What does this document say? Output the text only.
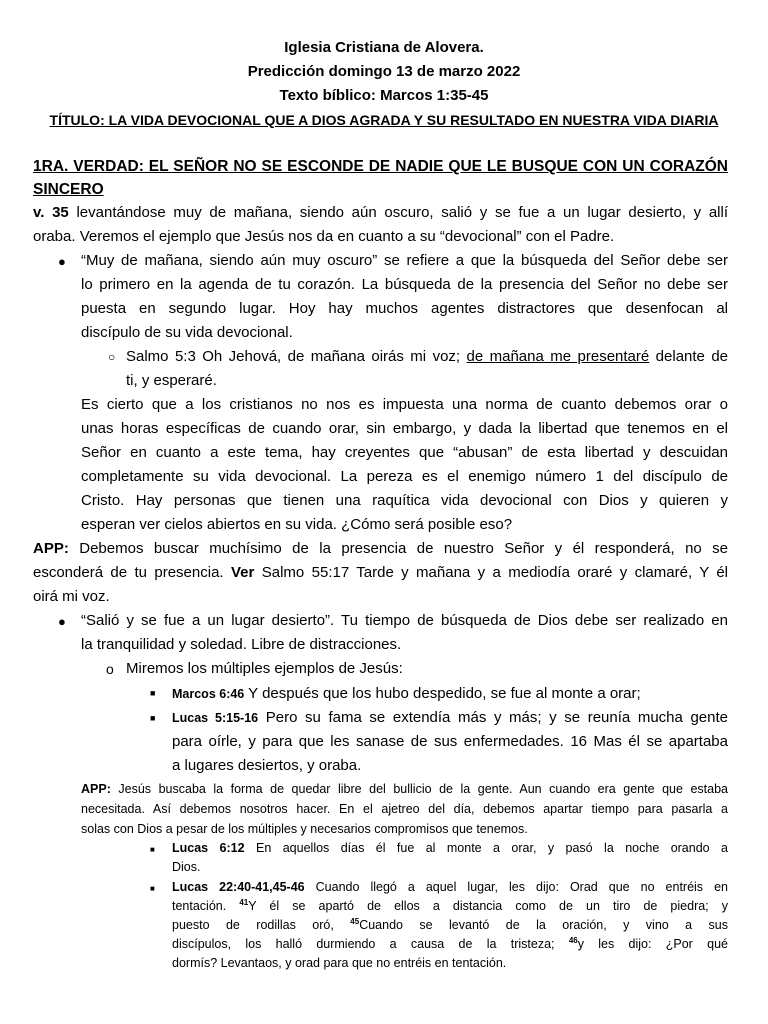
Iglesia Cristiana de Alovera.
Predicción domingo 13 de marzo 2022
Texto bíblico: Marcos 1:35-45
TÍTULO: LA VIDA DEVOCIONAL QUE A DIOS AGRADA Y SU RESULTADO EN NUESTRA VIDA DIARIA
1RA. VERDAD: EL SEÑOR NO SE ESCONDE DE NADIE QUE LE BUSQUE CON UN CORAZÓN
SINCERO
v. 35 levantándose muy de mañana, siendo aún oscuro, salió y se fue a un lugar desierto, y allí
oraba. Veremos el ejemplo que Jesús nos da en cuanto a su “devocional” con el Padre.
● “Muy de mañana, siendo aún muy oscuro” se refiere a que la búsqueda del Señor debe ser
lo primero en la agenda de tu corazón. La búsqueda de la presencia del Señor no debe ser
puesta en segundo lugar. Hoy hay muchos agentes distractores que desenfocan al
discípulo de su vida devocional.
○ Salmo 5:3 Oh Jehová, de mañana oirás mi voz; de mañana me presentaré delante de
ti, y esperaré.
Es cierto que a los cristianos no nos es impuesta una norma de cuanto debemos orar o
unas horas específicas de cuando orar, sin embargo, y dada la libertad que tenemos en el
Señor en cuanto a este tema, hay creyentes que “abusan” de esta libertad y descuidan
completamente su vida devocional. La pereza es el enemigo número 1 del discípulo de
Cristo. Hay personas que tienen una raquítica vida devocional con Dios y quieren y
esperan ver cielos abiertos en su vida. ¿Cómo será posible eso?
APP: Debemos buscar muchísimo de la presencia de nuestro Señor y él responderá, no se
esconderá de tu presencia. Ver Salmo 55:17 Tarde y mañana y a mediodía oraré y clamaré, Y él
oirá mi voz.
● “Salió y se fue a un lugar desierto”. Tu tiempo de búsqueda de Dios debe ser realizado en
la tranquilidad y soledad. Libre de distracciones.
o Miremos los múltiples ejemplos de Jesús:
■ Marcos 6:46 Y después que los hubo despedido, se fue al monte a orar;
■ Lucas 5:15-16 Pero su fama se extendía más y más; y se reunía mucha gente
para oírle, y para que les sanase de sus enfermedades. 16 Mas él se apartaba
a lugares desiertos, y oraba.
APP: Jesús buscaba la forma de quedar libre del bullicio de la gente. Aun cuando era gente que estaba
necesitada. Así debemos nosotros hacer. En el ajetreo del día, debemos apartar tiempo para pasarla a
solas con Dios a pesar de los múltiples y necesarios compromisos que tenemos.
■ Lucas 6:12 En aquellos días él fue al monte a orar, y pasó la noche orando a
Dios.
■ Lucas 22:40-41,45-46 Cuando llegó a aquel lugar, les dijo: Orad que no entréis en
tentación. $^{41}$Y él se apartó de ellos a distancia como de un tiro de piedra; y
puesto de rodillas oró, $^{45}$Cuando se levantó de la oración, y vino a sus
discípulos, los halló durmiendo a causa de la tristeza; $^{46}$y les dijo: ¿Por qué
dormís? Levantaos, y orad para que no entréis en tentación.
